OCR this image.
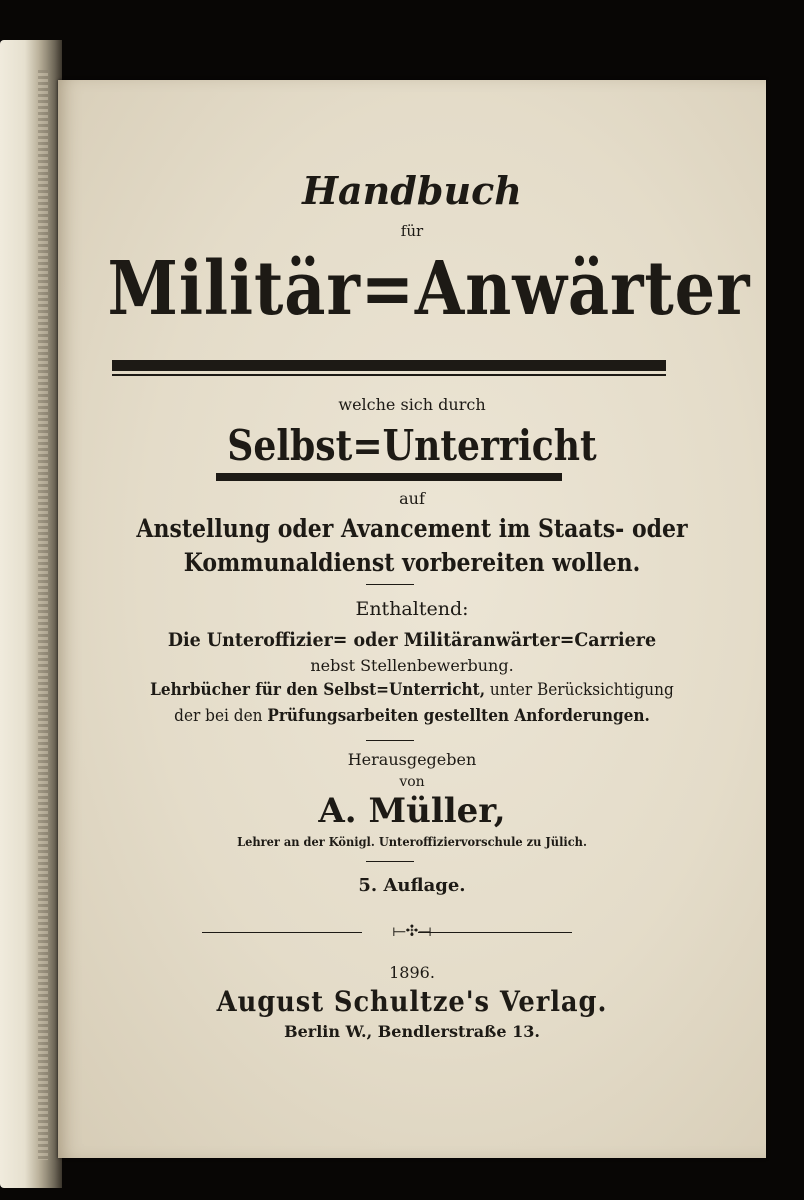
Handbuch
für
Militär=Anwärter
welche sich durch
Selbst=Unterricht
auf
Anstellung oder Avancement im Staats- oder
Kommunaldienst vorbereiten wollen.
Enthaltend:
Die Unteroffizier= oder Militäranwärter=Carriere
nebst Stellenbewerbung.
Lehrbücher für den Selbst=Unterricht, unter Berücksichtigung
der bei den Prüfungsarbeiten gestellten Anforderungen.
Herausgegeben
von
A. Müller,
Lehrer an der Königl. Unteroffiziervorschule zu Jülich.
5. Auflage.
⟝✣⟞
1896.
August Schultze's Verlag.
Berlin W., Bendlerstraße 13.
